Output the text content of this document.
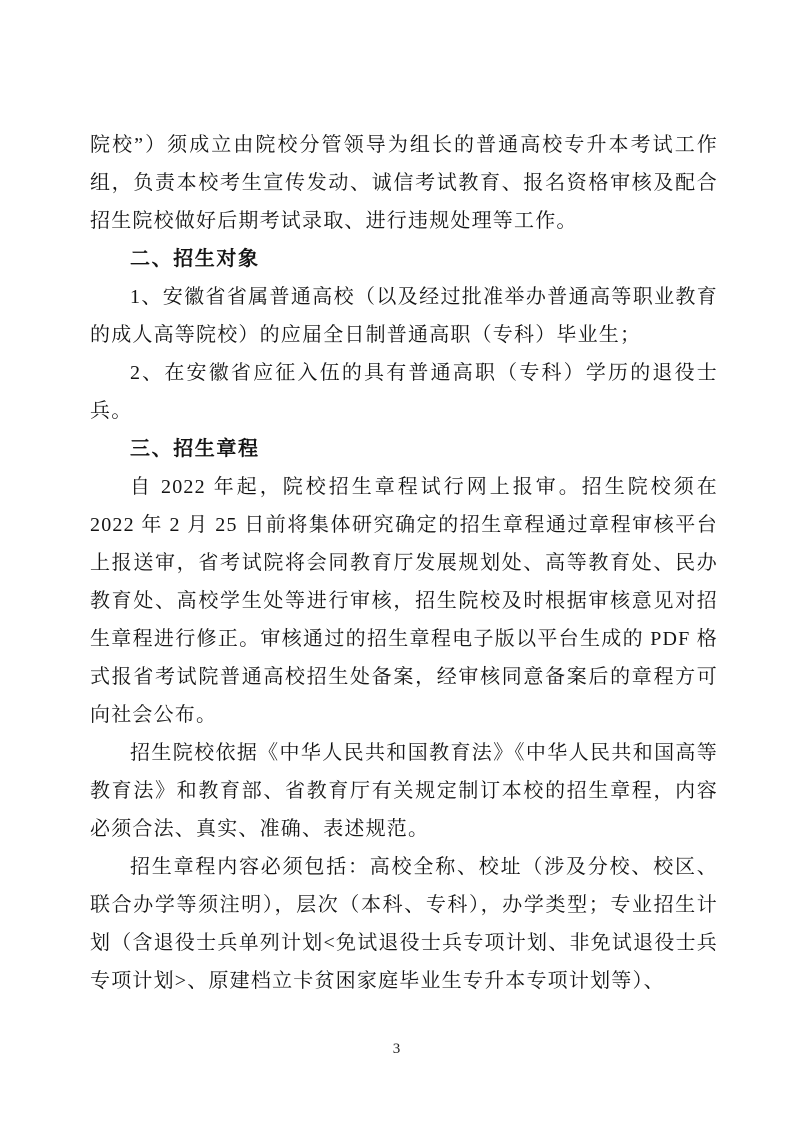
院校”）须成立由院校分管领导为组长的普通高校专升本考试工作组，负责本校考生宣传发动、诚信考试教育、报名资格审核及配合招生院校做好后期考试录取、进行违规处理等工作。

二、招生对象

1、安徽省省属普通高校（以及经过批准举办普通高等职业教育的成人高等院校）的应届全日制普通高职（专科）毕业生；

2、在安徽省应征入伍的具有普通高职（专科）学历的退役士兵。

三、招生章程

自 2022 年起，院校招生章程试行网上报审。招生院校须在 2022 年 2 月 25 日前将集体研究确定的招生章程通过章程审核平台上报送审，省考试院将会同教育厅发展规划处、高等教育处、民办教育处、高校学生处等进行审核，招生院校及时根据审核意见对招生章程进行修正。审核通过的招生章程电子版以平台生成的 PDF 格式报省考试院普通高校招生处备案，经审核同意备案后的章程方可向社会公布。

招生院校依据《中华人民共和国教育法》《中华人民共和国高等教育法》和教育部、省教育厅有关规定制订本校的招生章程，内容必须合法、真实、准确、表述规范。

招生章程内容必须包括：高校全称、校址（涉及分校、校区、联合办学等须注明），层次（本科、专科），办学类型；专业招生计划（含退役士兵单列计划<免试退役士兵专项计划、非免试退役士兵专项计划>、原建档立卡贫困家庭毕业生专升本专项计划等）、

3
